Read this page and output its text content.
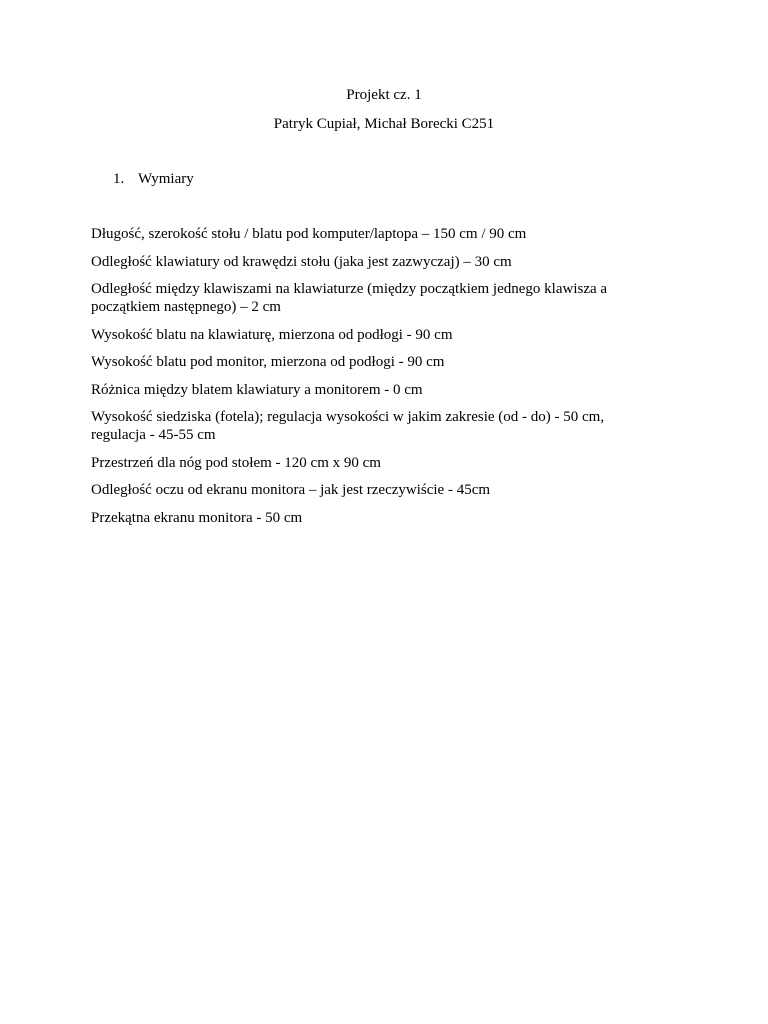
Projekt cz. 1
Patryk Cupiał, Michał Borecki C251
1. Wymiary

Długość, szerokość stołu / blatu pod komputer/laptopa – 150 cm / 90 cm

Odległość klawiatury od krawędzi stołu (jaka jest zazwyczaj) – 30 cm

Odległość między klawiszami na klawiaturze (między początkiem jednego klawisza a początkiem następnego) – 2 cm

Wysokość blatu na klawiaturę, mierzona od podłogi - 90 cm

Wysokość blatu pod monitor, mierzona od podłogi - 90 cm

Różnica między blatem klawiatury a monitorem - 0 cm

Wysokość siedziska (fotela); regulacja wysokości w jakim zakresie (od - do) - 50 cm, regulacja - 45-55 cm

Przestrzeń dla nóg pod stołem - 120 cm x 90 cm

Odległość oczu od ekranu monitora – jak jest rzeczywiście - 45cm

Przekątna ekranu monitora - 50 cm
